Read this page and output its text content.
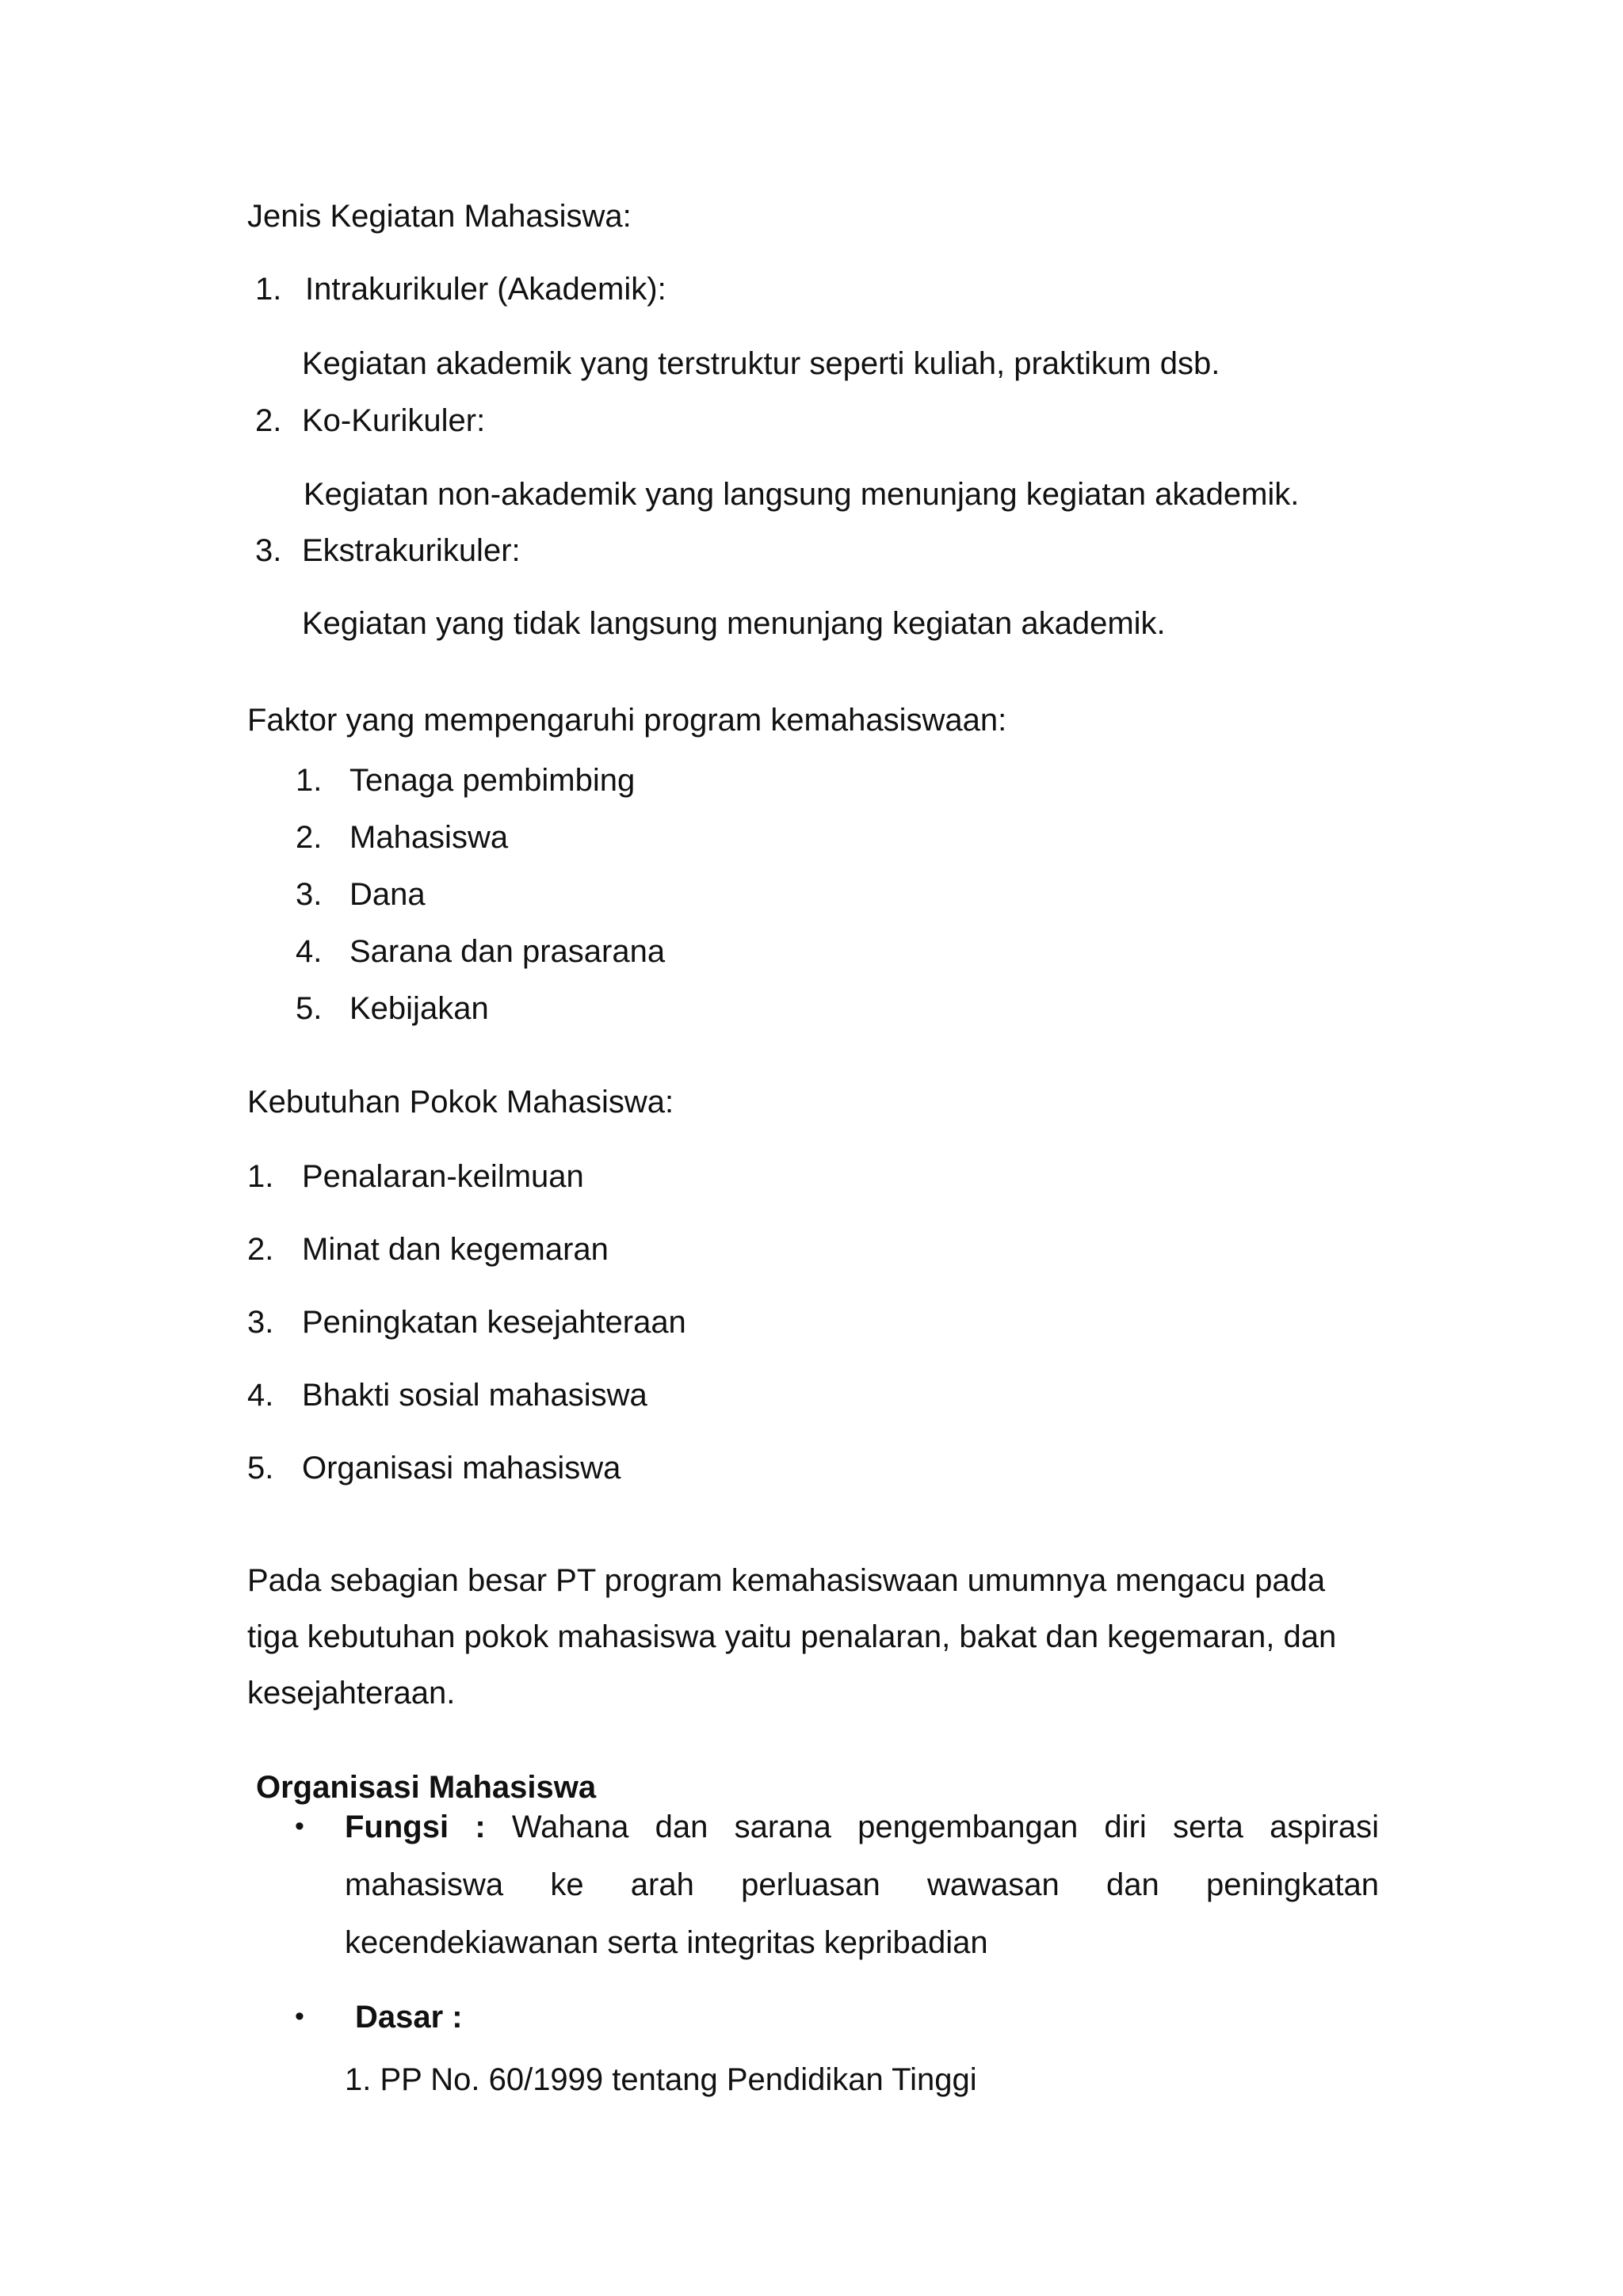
Jenis Kegiatan Mahasiswa:
1. Intrakurikuler (Akademik):
Kegiatan akademik yang terstruktur seperti kuliah, praktikum dsb.
2. Ko-Kurikuler:
Kegiatan non-akademik yang langsung menunjang kegiatan akademik.
3. Ekstrakurikuler:
Kegiatan yang tidak langsung menunjang kegiatan akademik.
Faktor yang mempengaruhi program kemahasiswaan:
1. Tenaga pembimbing
2. Mahasiswa
3. Dana
4. Sarana dan prasarana
5. Kebijakan
Kebutuhan Pokok Mahasiswa:
1. Penalaran-keilmuan
2. Minat dan kegemaran
3. Peningkatan kesejahteraan
4. Bhakti sosial mahasiswa
5. Organisasi mahasiswa
Pada sebagian besar PT program kemahasiswaan umumnya mengacu pada
tiga kebutuhan pokok mahasiswa yaitu penalaran, bakat dan kegemaran, dan
kesejahteraan.
Organisasi Mahasiswa
• Fungsi : Wahana dan sarana pengembangan diri serta aspirasi
mahasiswa ke arah perluasan wawasan dan peningkatan
kecendekiawanan serta integritas kepribadian
• Dasar :
1. PP No. 60/1999 tentang Pendidikan Tinggi
